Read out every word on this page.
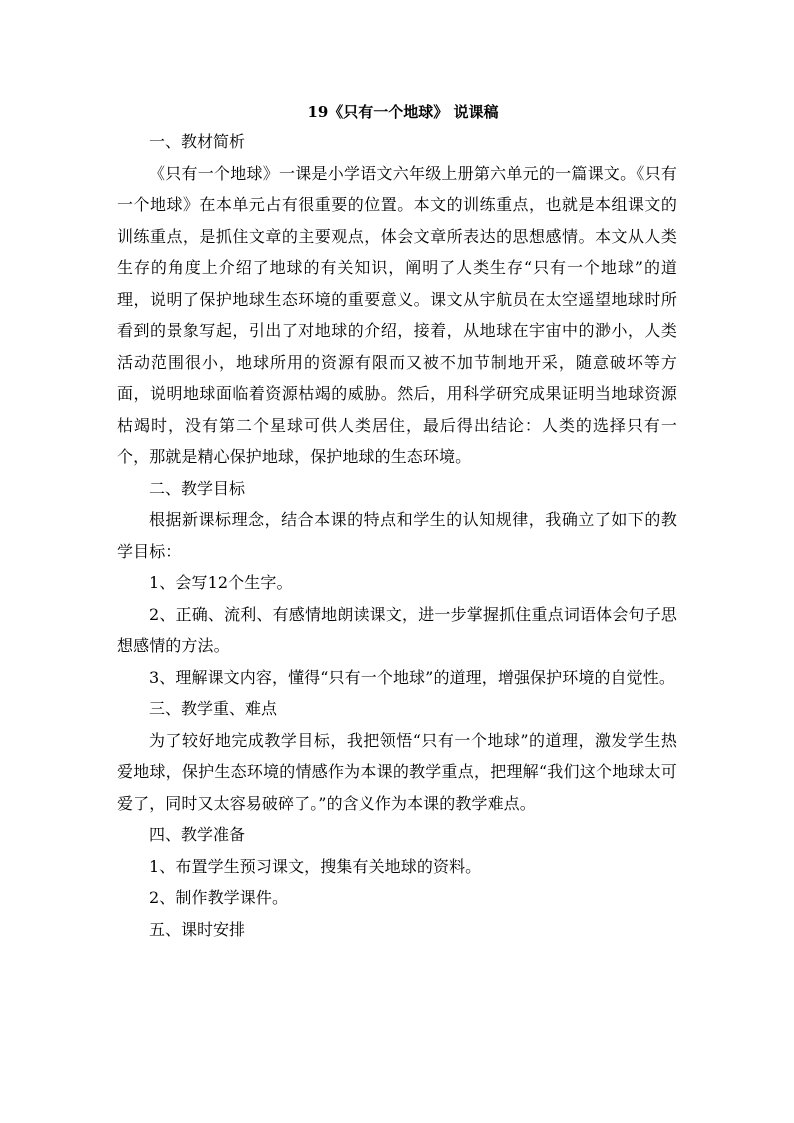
19《只有一个地球》 说课稿

一、教材简析

《只有一个地球》一课是小学语文六年级上册第六单元的一篇课文。《只有一个地球》在本单元占有很重要的位置。本文的训练重点，也就是本组课文的训练重点，是抓住文章的主要观点，体会文章所表达的思想感情。本文从人类生存的角度上介绍了地球的有关知识，阐明了人类生存“只有一个地球”的道理，说明了保护地球生态环境的重要意义。课文从宇航员在太空遥望地球时所看到的景象写起，引出了对地球的介绍，接着，从地球在宇宙中的渺小，人类活动范围很小，地球所用的资源有限而又被不加节制地开采，随意破坏等方面，说明地球面临着资源枯竭的威胁。然后，用科学研究成果证明当地球资源枯竭时，没有第二个星球可供人类居住，最后得出结论：人类的选择只有一个，那就是精心保护地球，保护地球的生态环境。

二、教学目标

根据新课标理念，结合本课的特点和学生的认知规律，我确立了如下的教学目标：

1、会写12个生字。

2、正确、流利、有感情地朗读课文，进一步掌握抓住重点词语体会句子思想感情的方法。

3、理解课文内容，懂得“只有一个地球”的道理，增强保护环境的自觉性。

三、教学重、难点

为了较好地完成教学目标，我把领悟“只有一个地球”的道理，激发学生热爱地球，保护生态环境的情感作为本课的教学重点，把理解“我们这个地球太可爱了，同时又太容易破碎了。”的含义作为本课的教学难点。

四、教学准备

1、布置学生预习课文，搜集有关地球的资料。

2、制作教学课件。

五、课时安排
